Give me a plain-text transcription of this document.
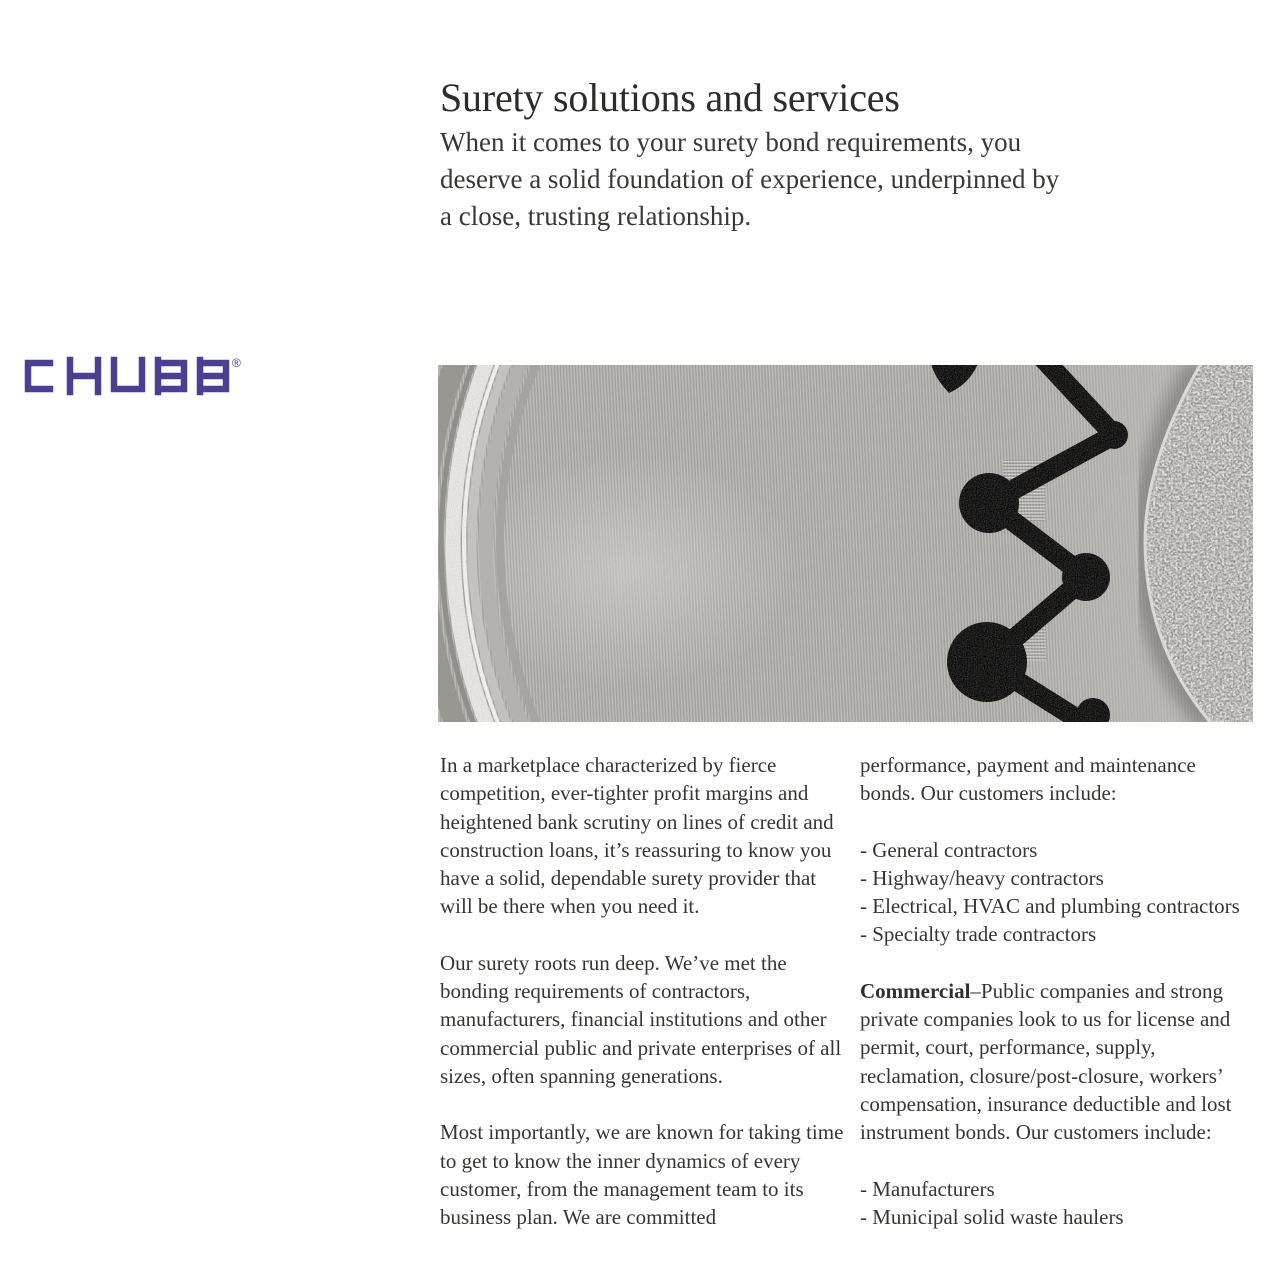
Surety solutions and services
When it comes to your surety bond requirements, you
deserve a solid foundation of experience, underpinned by
a close, trusting relationship.
®

In a marketplace characterized by fierce competition, ever-tighter profit margins and heightened bank scrutiny on lines of credit and construction loans, it’s reassuring to know you have a solid, dependable surety provider that will be there when you need it.

Our surety roots run deep. We’ve met the bonding requirements of contractors, manufacturers, financial institutions and other commercial public and private enterprises of all sizes, often spanning generations.

Most importantly, we are known for taking time to get to know the inner dynamics of every customer, from the management team to its business plan. We are committed

performance, payment and maintenance bonds. Our customers include:

- General contractors
- Highway/heavy contractors
- Electrical, HVAC and plumbing contractors
- Specialty trade contractors

Commercial–Public companies and strong private companies look to us for license and permit, court, performance, supply, reclamation, closure/post-closure, workers’ compensation, insurance deductible and lost instrument bonds. Our customers include:

- Manufacturers
- Municipal solid waste haulers
